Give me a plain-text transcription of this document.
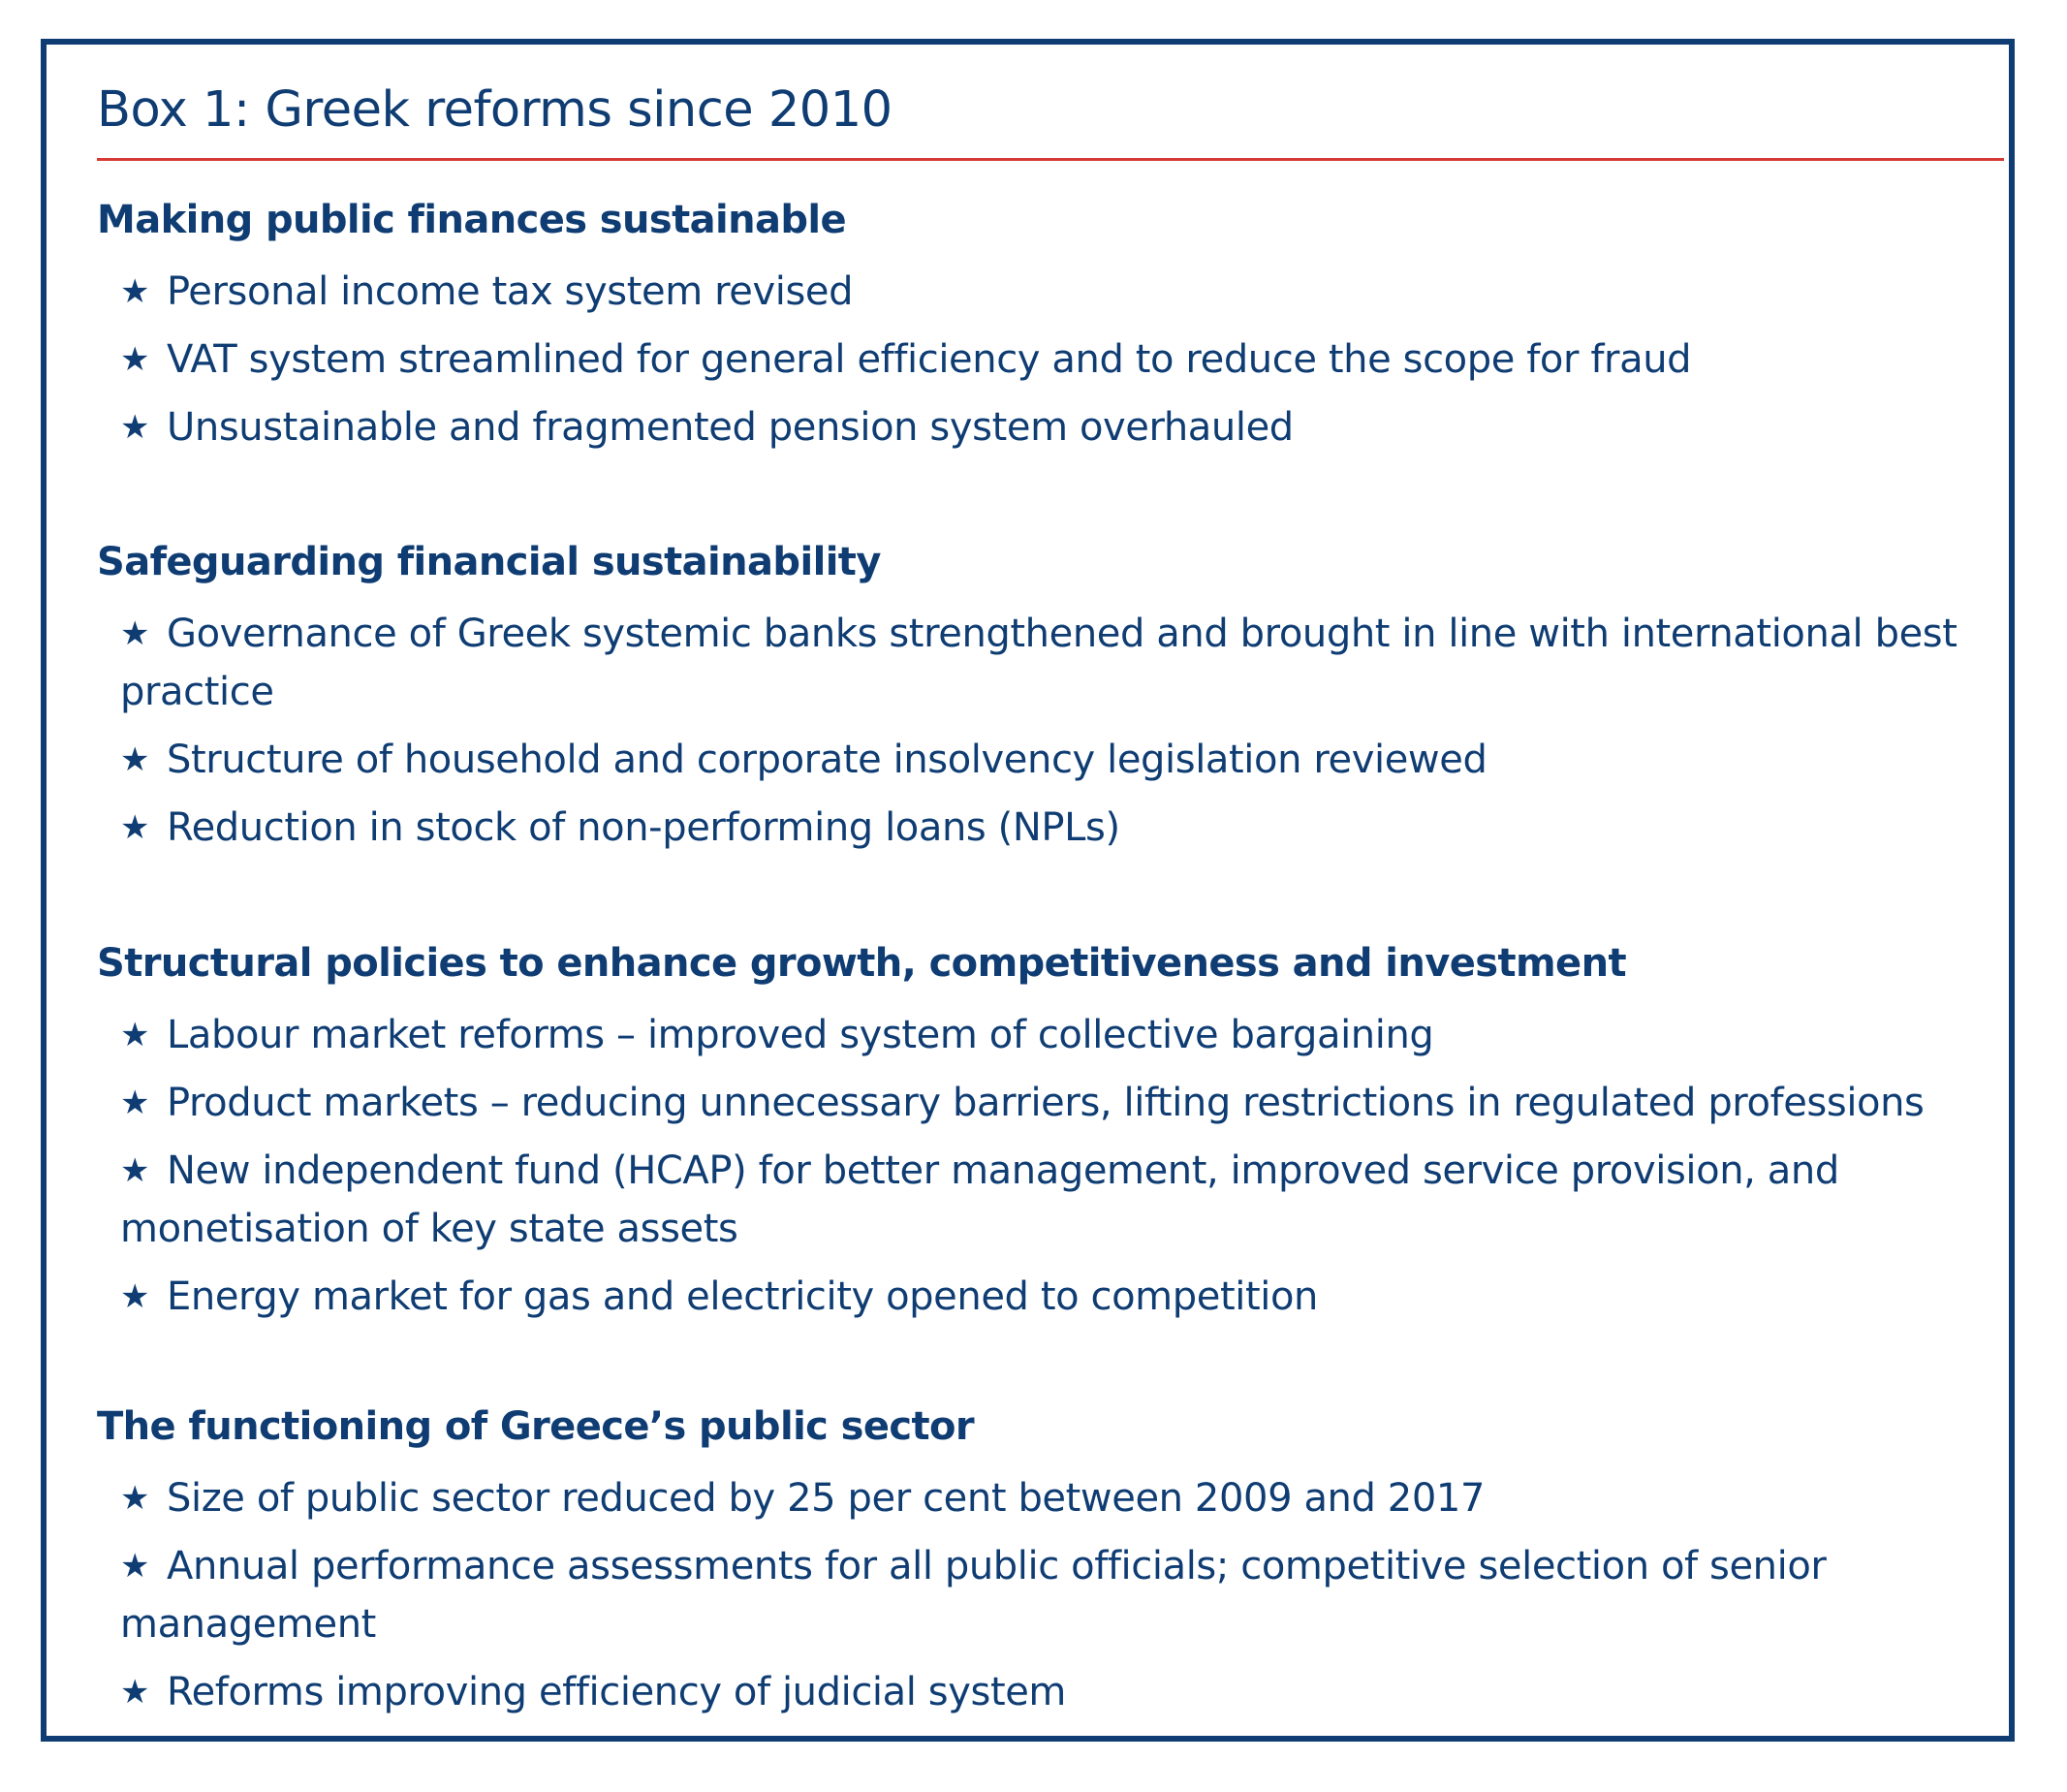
Box 1: Greek reforms since 2010
Making public finances sustainable
★ Personal income tax system revised
★ VAT system streamlined for general efficiency and to reduce the scope for fraud
★ Unsustainable and fragmented pension system overhauled
Safeguarding financial sustainability
★ Governance of Greek systemic banks strengthened and brought in line with international best practice
★ Structure of household and corporate insolvency legislation reviewed
★ Reduction in stock of non-performing loans (NPLs)
Structural policies to enhance growth, competitiveness and investment
★ Labour market reforms – improved system of collective bargaining
★ Product markets – reducing unnecessary barriers, lifting restrictions in regulated professions
★ New independent fund (HCAP) for better management, improved service provision, and monetisation of key state assets
★ Energy market for gas and electricity opened to competition
The functioning of Greece’s public sector
★ Size of public sector reduced by 25 per cent between 2009 and 2017
★ Annual performance assessments for all public officials; competitive selection of senior management
★ Reforms improving efficiency of judicial system
